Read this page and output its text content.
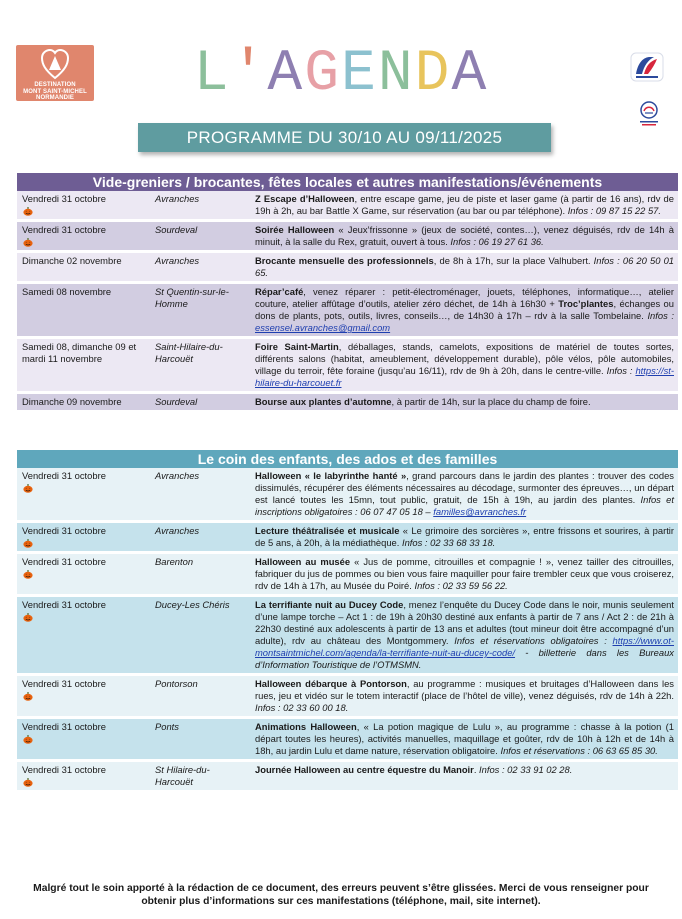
DESTINATION
MONT SAINT-MICHEL
NORMANDIE	L'AGENDA
PROGRAMME DU 30/10 AU 09/11/2025
Vide-greniers / brocantes, fêtes locales et autres manifestations/événements
Vendredi 31 octobre	Avranches	Z Escape d’Halloween, entre escape game, jeu de piste et laser game (à partir de 16 ans), rdv de 19h à 2h, au bar Battle X Game, sur réservation (au bar ou par téléphone). Infos : 09 87 15 22 57.
Vendredi 31 octobre	Sourdeval	Soirée Halloween « Jeux’frissonne » (jeux de société, contes…), venez déguisés, rdv de 14h à minuit, à la salle du Rex, gratuit, ouvert à tous. Infos : 06 19 27 61 36.
Dimanche 02 novembre	Avranches	Brocante mensuelle des professionnels, de 8h à 17h, sur la place Valhubert. Infos : 06 20 50 01 65.
Samedi 08 novembre	St Quentin-sur-le-Homme	Répar’café, venez réparer : petit-électroménager, jouets, téléphones, informatique…, atelier couture, atelier affûtage d’outils, atelier zéro déchet, de 14h à 16h30 + Troc’plantes, échanges ou dons de plants, pots, outils, livres, conseils…, de 14h30 à 17h – rdv à la salle Tombelaine. Infos : essensel.avranches@gmail.com
Samedi 08, dimanche 09 et mardi 11 novembre	Saint-Hilaire-du-Harcouët	Foire Saint-Martin, déballages, stands, camelots, expositions de matériel de toutes sortes, différents salons (habitat, ameublement, développement durable), pôle vélos, pôle automobiles, village du terroir, fête foraine (jusqu’au 16/11), rdv de 9h à 20h, dans le centre-ville. Infos : https://st-hilaire-du-harcouet.fr
Dimanche 09 novembre	Sourdeval	Bourse aux plantes d’automne, à partir de 14h, sur la place du champ de foire.
Le coin des enfants, des ados et des familles
Vendredi 31 octobre	Avranches	Halloween « le labyrinthe hanté », grand parcours dans le jardin des plantes : trouver des codes dissimulés, récupérer des éléments nécessaires au décodage, surmonter des épreuves…, un départ est lancé toutes les 15mn, tout public, gratuit, de 15h à 19h, au jardin des plantes. Infos et inscriptions obligatoires : 06 07 47 05 18 – familles@avranches.fr
Vendredi 31 octobre	Avranches	Lecture théâtralisée et musicale « Le grimoire des sorcières », entre frissons et sourires, à partir de 5 ans, à 20h, à la médiathèque. Infos : 02 33 68 33 18.
Vendredi 31 octobre	Barenton	Halloween au musée « Jus de pomme, citrouilles et compagnie ! », venez tailler des citrouilles, fabriquer du jus de pommes ou bien vous faire maquiller pour faire trembler ceux que vous croiserez, rdv de 14h à 17h, au Musée du Poiré. Infos : 02 33 59 56 22.
Vendredi 31 octobre	Ducey-Les Chéris	La terrifiante nuit au Ducey Code, menez l’enquête du Ducey Code dans le noir, munis seulement d’une lampe torche – Act 1 : de 19h à 20h30 destiné aux enfants à partir de 7 ans / Act 2 : de 21h à 22h30 destiné aux adolescents à partir de 13 ans et adultes (tout mineur doit être accompagné d’un adulte), rdv au château des Montgommery. Infos et réservations obligatoires : https://www.ot-montsaintmichel.com/agenda/la-terrifiante-nuit-au-ducey-code/ - billetterie dans les Bureaux d’Information Touristique de l’OTMSMN.
Vendredi 31 octobre	Pontorson	Halloween débarque à Pontorson, au programme : musiques et bruitages d’Halloween dans les rues, jeu et vidéo sur le totem interactif (place de l’hôtel de ville), venez déguisés, rdv de 14h à 22h. Infos : 02 33 60 00 18.
Vendredi 31 octobre	Ponts	Animations Halloween, « La potion magique de Lulu », au programme : chasse à la potion (1 départ toutes les heures), activités manuelles, maquillage et goûter, rdv de 10h à 12h et de 14h à 18h, au jardin Lulu et dame nature, réservation obligatoire. Infos et réservations : 06 63 65 85 30.
Vendredi 31 octobre	St Hilaire-du-Harcouët	Journée Halloween au centre équestre du Manoir. Infos : 02 33 91 02 28.
Malgré tout le soin apporté à la rédaction de ce document, des erreurs peuvent s’être glissées. Merci de vous renseigner pour obtenir plus d’informations sur ces manifestations (téléphone, mail, site internet).
